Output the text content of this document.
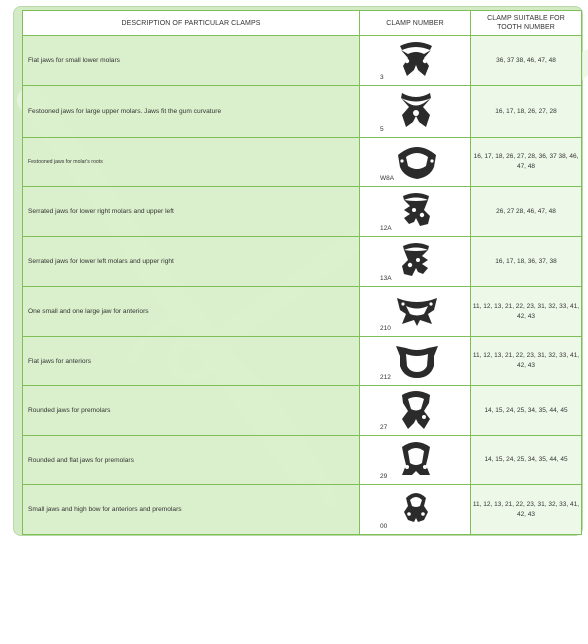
DESCRIPTION OF PARTICULAR CLAMPS	CLAMP NUMBER	CLAMP SUITABLE FOR
TOOTH NUMBER
Flat jaws for small lower molars	3	36, 37 38, 46, 47, 48
Festooned jaws for large upper molars. Jaws fit the gum curvature	5	16, 17, 18, 26, 27, 28
Festooned jaws for molar's roots	W8A	16, 17, 18, 26, 27, 28, 36, 37 38, 46, 47, 48
Serrated jaws for lower right molars and upper left	12A	26, 27 28, 46, 47, 48
Serrated jaws for lower left molars and upper right	13A	16, 17, 18, 36, 37, 38
One small and one large jaw for anteriors	210	11, 12, 13, 21, 22, 23, 31, 32, 33, 41, 42, 43
Flat jaws for anteriors	212	11, 12, 13, 21, 22, 23, 31, 32, 33, 41, 42, 43
Rounded jaws for premolars	27	14, 15, 24, 25, 34, 35, 44, 45
Rounded and flat jaws for premolars	29	14, 15, 24, 25, 34, 35, 44, 45
Small jaws and high bow for anteriors and premolars	00	11, 12, 13, 21, 22, 23, 31, 32, 33, 41, 42, 43
